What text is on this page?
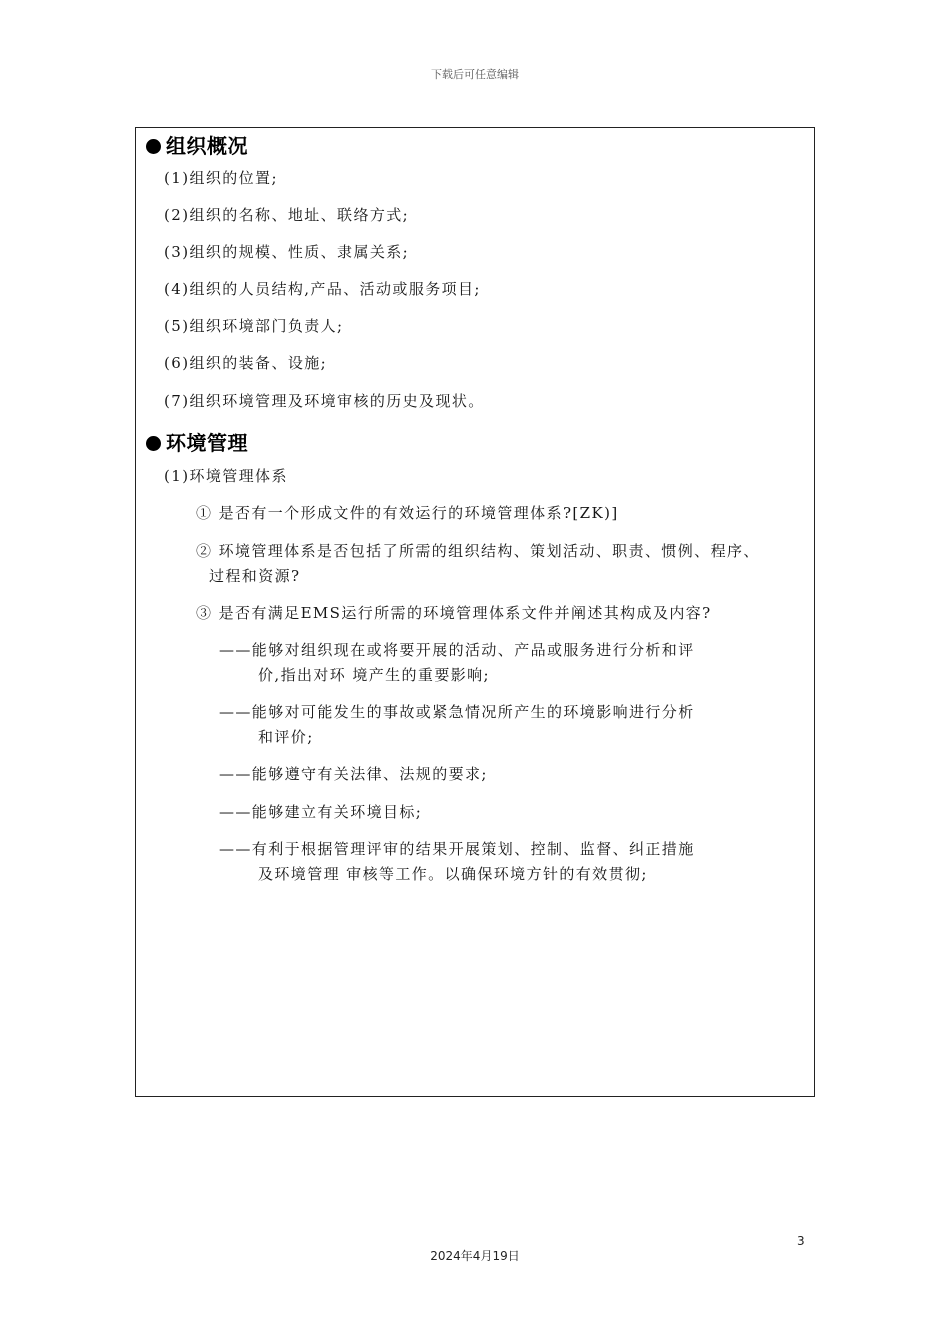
下载后可任意编辑
组织概况
(1)组织的位置;
(2)组织的名称、地址、联络方式;
(3)组织的规模、性质、隶属关系;
(4)组织的人员结构,产品、活动或服务项目;
(5)组织环境部门负责人;
(6)组织的装备、设施;
(7)组织环境管理及环境审核的历史及现状。
环境管理
(1)环境管理体系
① 是否有一个形成文件的有效运行的环境管理体系?[ZK)]
② 环境管理体系是否包括了所需的组织结构、策划活动、职责、惯例、程序、过程和资源?
③ 是否有满足EMS运行所需的环境管理体系文件并阐述其构成及内容?
——能够对组织现在或将要开展的活动、产品或服务进行分析和评
价,指出对环 境产生的重要影响;
——能够对可能发生的事故或紧急情况所产生的环境影响进行分析
和评价;
——能够遵守有关法律、法规的要求;
——能够建立有关环境目标;
——有利于根据管理评审的结果开展策划、控制、监督、纠正措施
及环境管理 审核等工作。以确保环境方针的有效贯彻;
3
2024年4月19日
